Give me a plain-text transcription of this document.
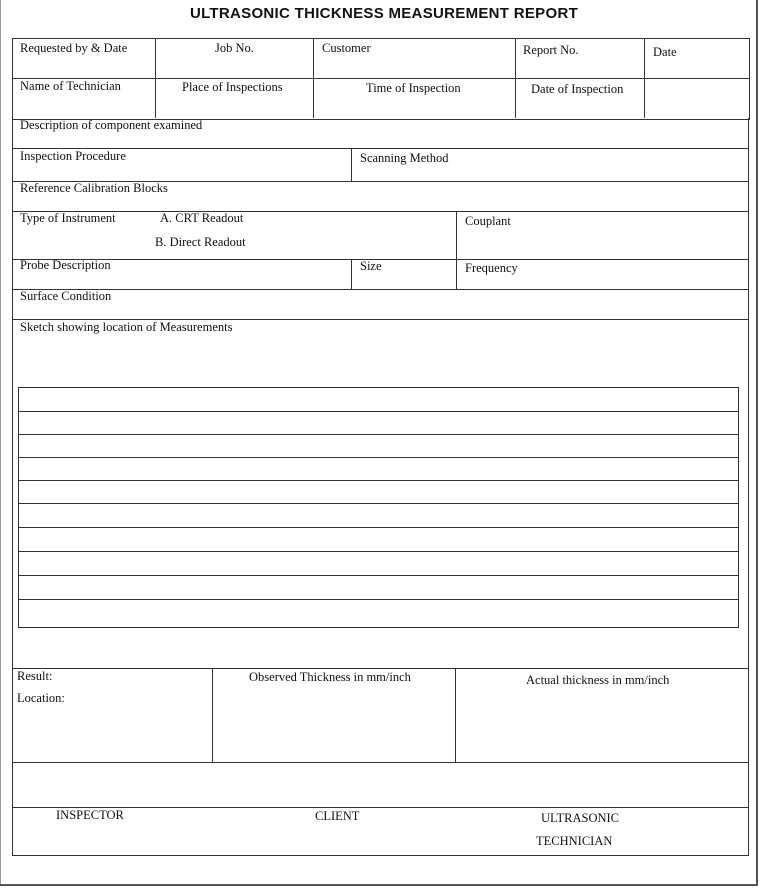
ULTRASONIC THICKNESS MEASUREMENT REPORT
Requested by & Date	Job No.	Customer	Report No.	Date
Name of Technician	Place of Inspections	Time of Inspection	Date of Inspection
Description of component examined
Inspection Procedure	Scanning Method
Reference Calibration Blocks
Type of Instrument	A. CRT Readout
B. Direct Readout
Couplant
Probe Description	Size	Frequency
Surface Condition
Sketch showing location of Measurements
Result:
Location:
Observed Thickness in mm/inch	Actual thickness in mm/inch
INSPECTOR	CLIENT	ULTRASONIC
TECHNICIAN
